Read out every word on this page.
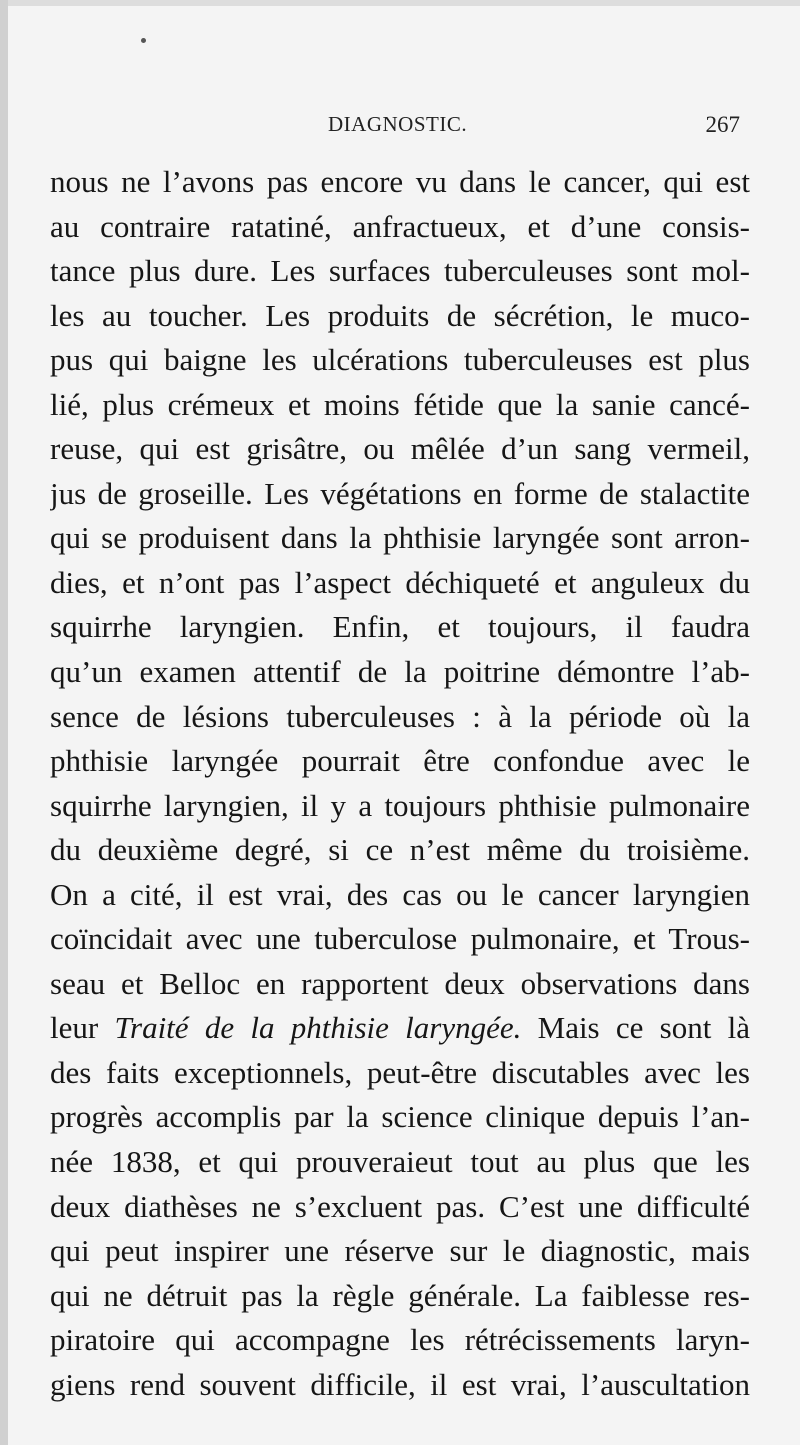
DIAGNOSTIC.	267
nous ne l’avons pas encore vu dans le cancer, qui est
au contraire ratatiné, anfractueux, et d’une consis-
tance plus dure. Les surfaces tuberculeuses sont mol-
les au toucher. Les produits de sécrétion, le muco-
pus qui baigne les ulcérations tuberculeuses est plus
lié, plus crémeux et moins fétide que la sanie cancé-
reuse, qui est grisâtre, ou mêlée d’un sang vermeil,
jus de groseille. Les végétations en forme de stalactite
qui se produisent dans la phthisie laryngée sont arron-
dies, et n’ont pas l’aspect déchiqueté et anguleux du
squirrhe laryngien. Enfin, et toujours, il faudra
qu’un examen attentif de la poitrine démontre l’ab-
sence de lésions tuberculeuses : à la période où la
phthisie laryngée pourrait être confondue avec le
squirrhe laryngien, il y a toujours phthisie pulmonaire
du deuxième degré, si ce n’est même du troisième.
On a cité, il est vrai, des cas ou le cancer laryngien
coïncidait avec une tuberculose pulmonaire, et Trous-
seau et Belloc en rapportent deux observations dans
leur Traité de la phthisie laryngée. Mais ce sont là
des faits exceptionnels, peut-être discutables avec les
progrès accomplis par la science clinique depuis l’an-
née 1838, et qui prouveraieut tout au plus que les
deux diathèses ne s’excluent pas. C’est une difficulté
qui peut inspirer une réserve sur le diagnostic, mais
qui ne détruit pas la règle générale. La faiblesse res-
piratoire qui accompagne les rétrécissements laryn-
giens rend souvent difficile, il est vrai, l’auscultation
